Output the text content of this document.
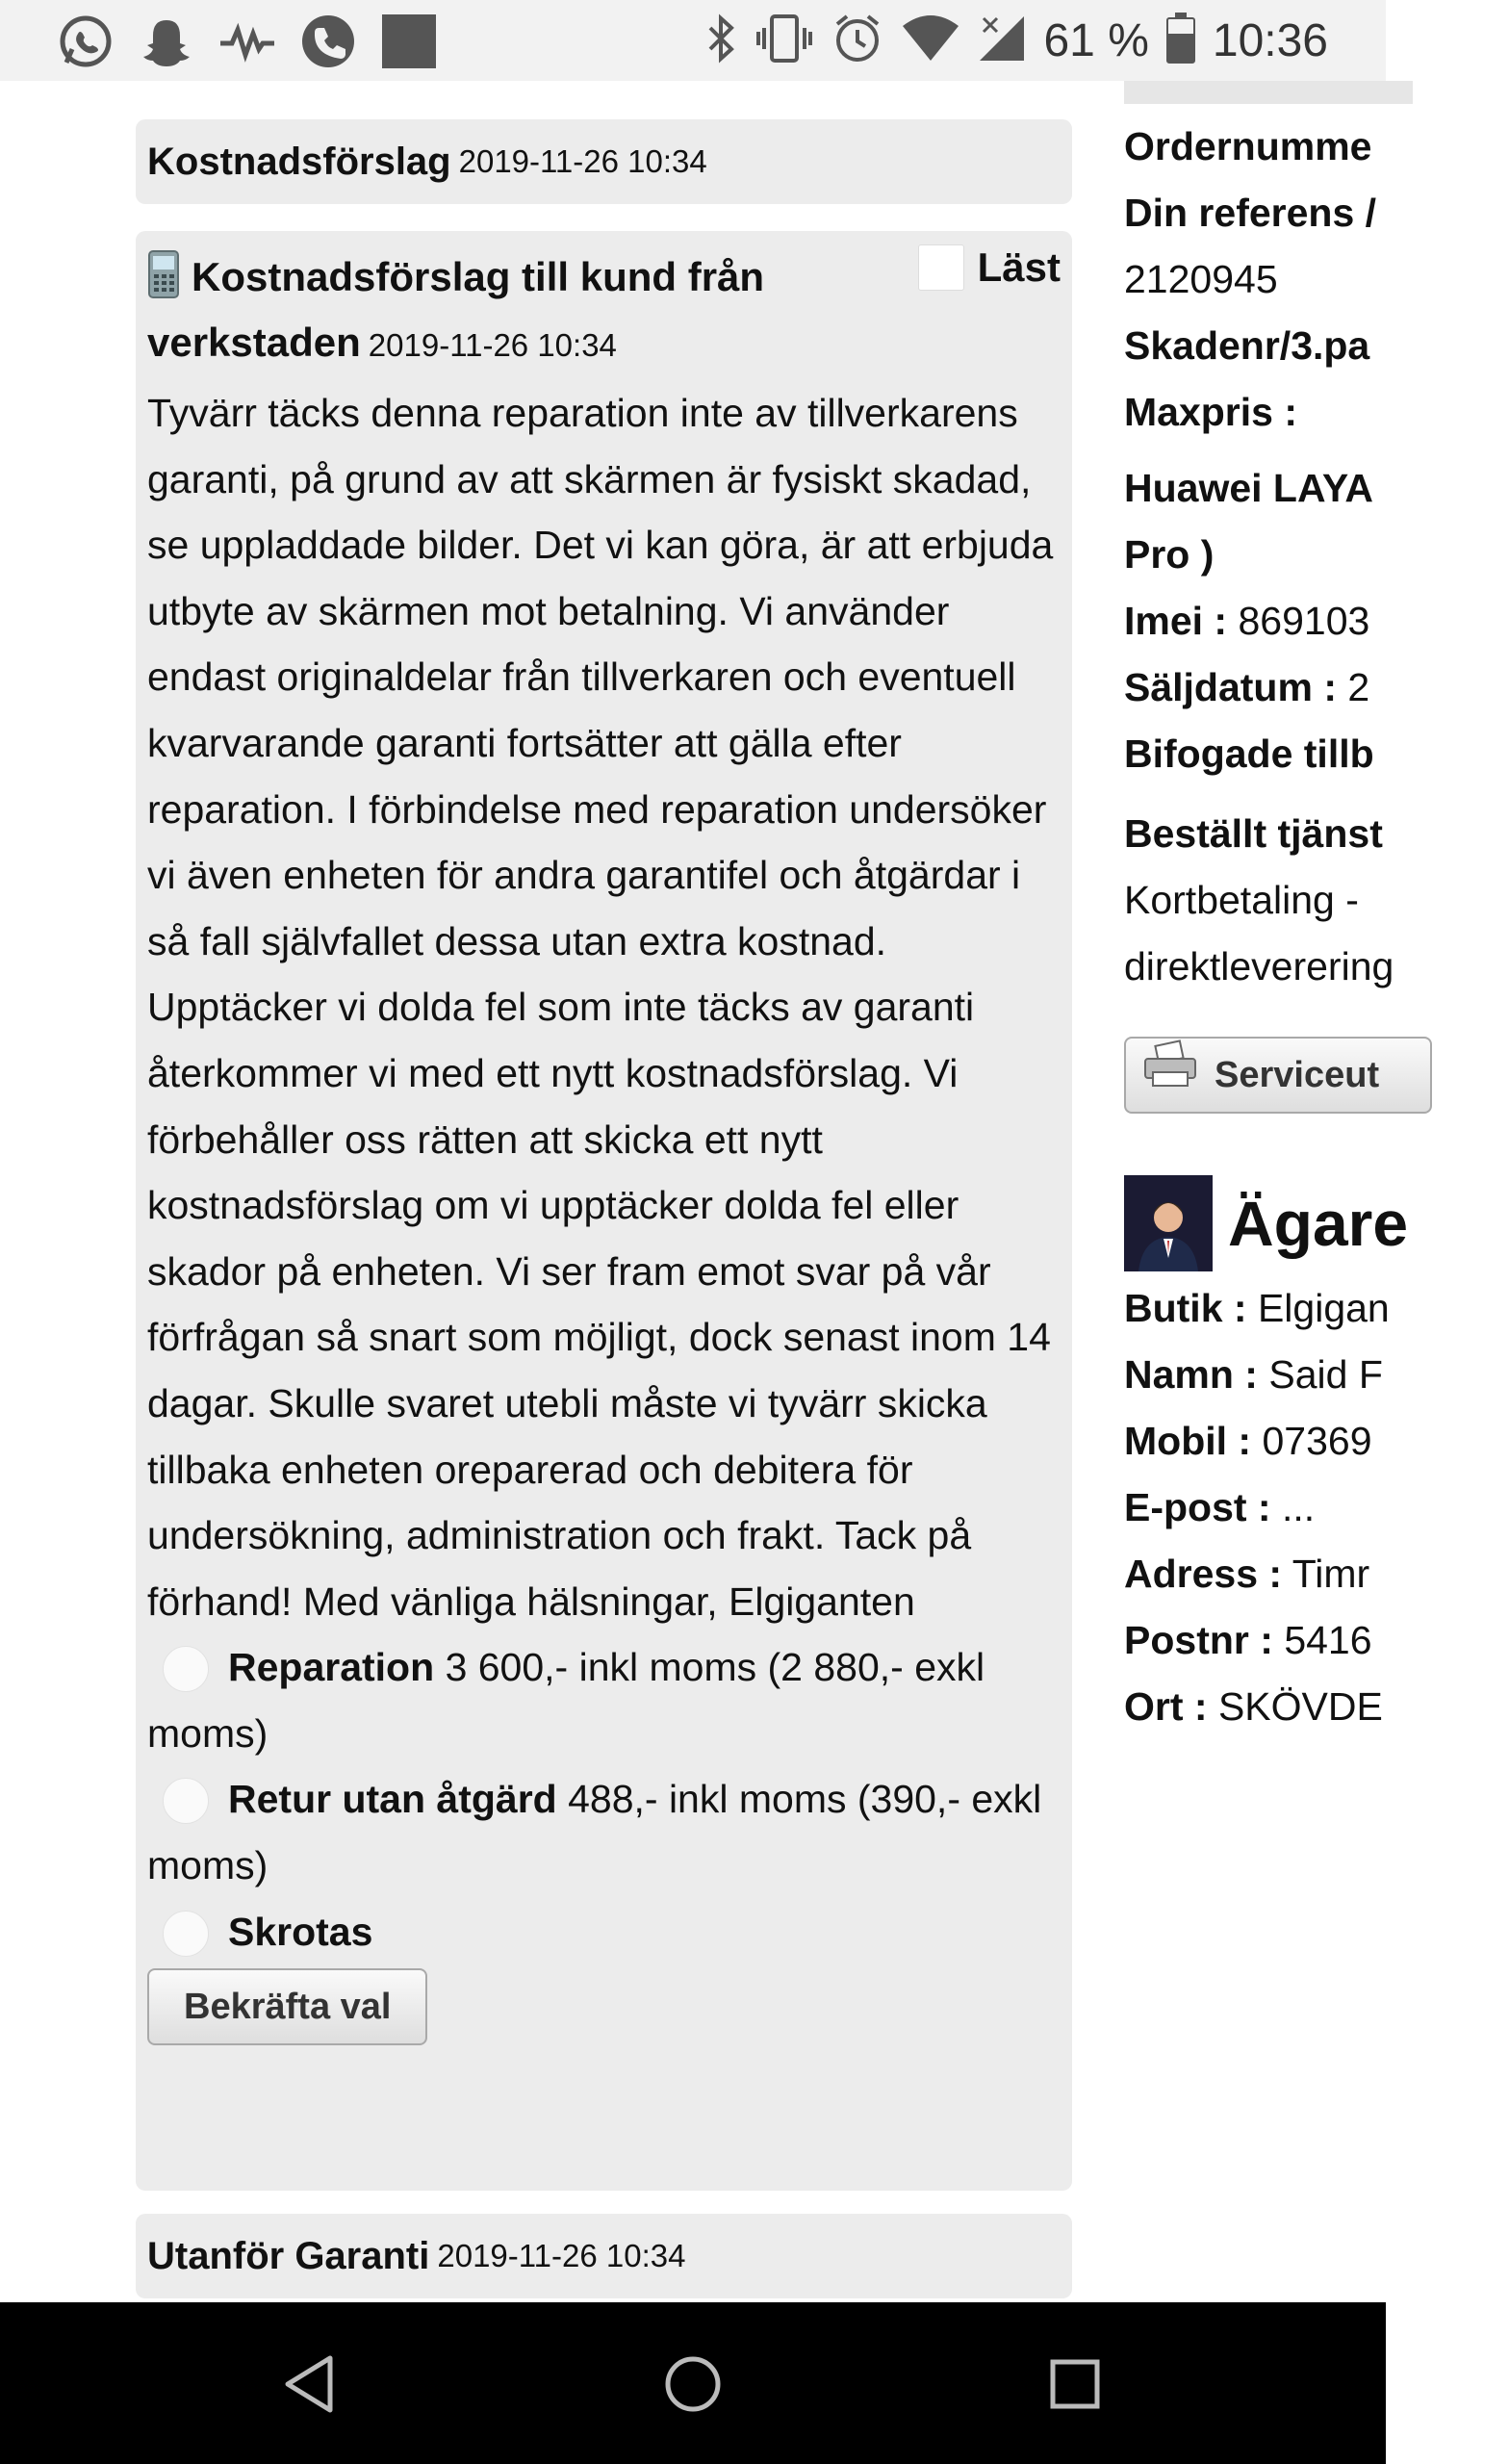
61 % 10:36
Kostnadsförslag 2019-11-26 10:34
Kostnadsförslag till kund från verkstaden 2019-11-26 10:34
Läst
Tyvärr täcks denna reparation inte av tillverkarens garanti, på grund av att skärmen är fysiskt skadad, se uppladdade bilder. Det vi kan göra, är att erbjuda utbyte av skärmen mot betalning. Vi använder endast originaldelar från tillverkaren och eventuell kvarvarande garanti fortsätter att gälla efter reparation. I förbindelse med reparation undersöker vi även enheten för andra garantifel och åtgärdar i så fall självfallet dessa utan extra kostnad. Upptäcker vi dolda fel som inte täcks av garanti återkommer vi med ett nytt kostnadsförslag. Vi förbehåller oss rätten att skicka ett nytt kostnadsförslag om vi upptäcker dolda fel eller skador på enheten. Vi ser fram emot svar på vår förfrågan så snart som möjligt, dock senast inom 14 dagar. Skulle svaret utebli måste vi tyvärr skicka tillbaka enheten oreparerad och debitera för undersökning, administration och frakt. Tack på förhand! Med vänliga hälsningar, Elgiganten
Reparation 3 600,- inkl moms (2 880,- exkl moms)
Retur utan åtgärd 488,- inkl moms (390,- exkl moms)
Skrotas
Bekräfta val
Utanför Garanti 2019-11-26 10:34
Ordernumme
Din referens /
2120945
Skadenr/3.pa
Maxpris :
Huawei LAYA
Pro )
Imei : 869103
Säljdatum : 2
Bifogade tillb
Beställt tjänst
Kortbetaling -
direktleverering
Serviceut
Ägare
Butik : Elgigan
Namn : Said F
Mobil : 07369
E-post : ...
Adress : Timr
Postnr : 5416
Ort : SKÖVDE
